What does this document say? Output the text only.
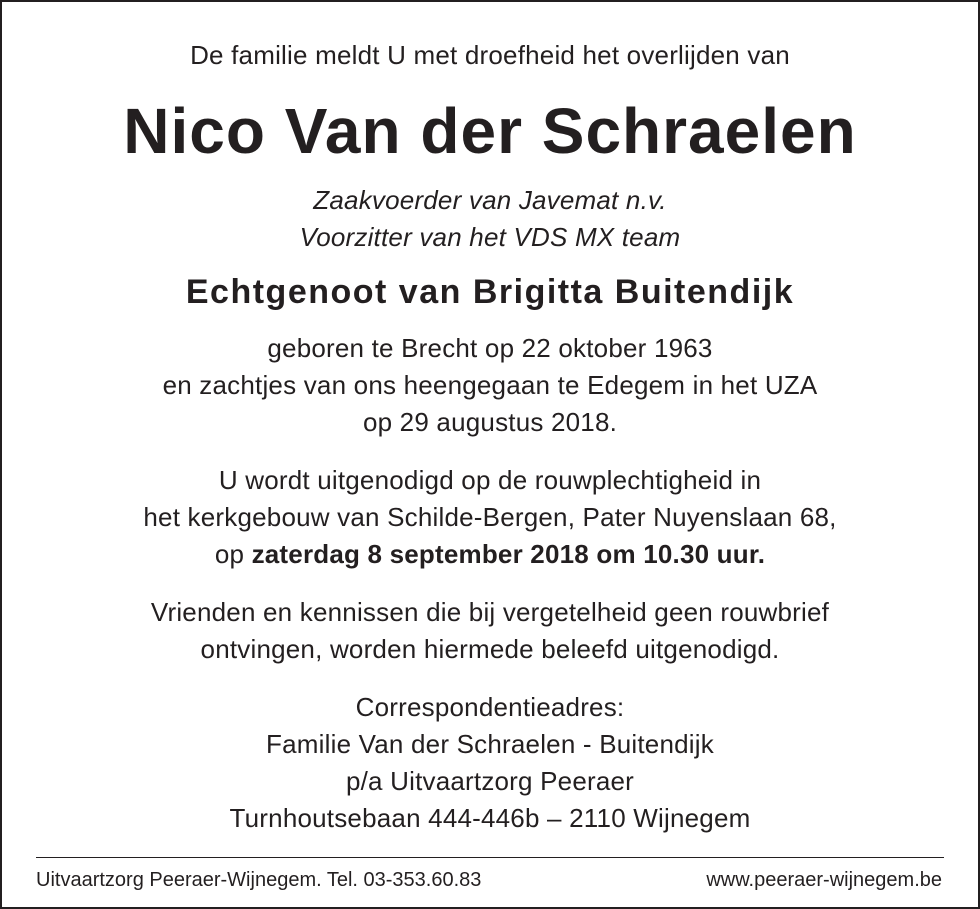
De familie meldt U met droefheid het overlijden van
Nico Van der Schraelen
Zaakvoerder van Javemat n.v.
Voorzitter van het VDS MX team
Echtgenoot van Brigitta Buitendijk
geboren te Brecht op 22 oktober 1963
en zachtjes van ons heengegaan te Edegem in het UZA
op 29 augustus 2018.
U wordt uitgenodigd op de rouwplechtigheid in
het kerkgebouw van Schilde-Bergen, Pater Nuyenslaan 68,
op zaterdag 8 september 2018 om 10.30 uur.
Vrienden en kennissen die bij vergetelheid geen rouwbrief
ontvingen, worden hiermede beleefd uitgenodigd.
Correspondentieadres:
Familie Van der Schraelen - Buitendijk
p/a Uitvaartzorg Peeraer
Turnhoutsebaan 444-446b – 2110 Wijnegem
Uitvaartzorg Peeraer-Wijnegem. Tel. 03-353.60.83	www.peeraer-wijnegem.be
